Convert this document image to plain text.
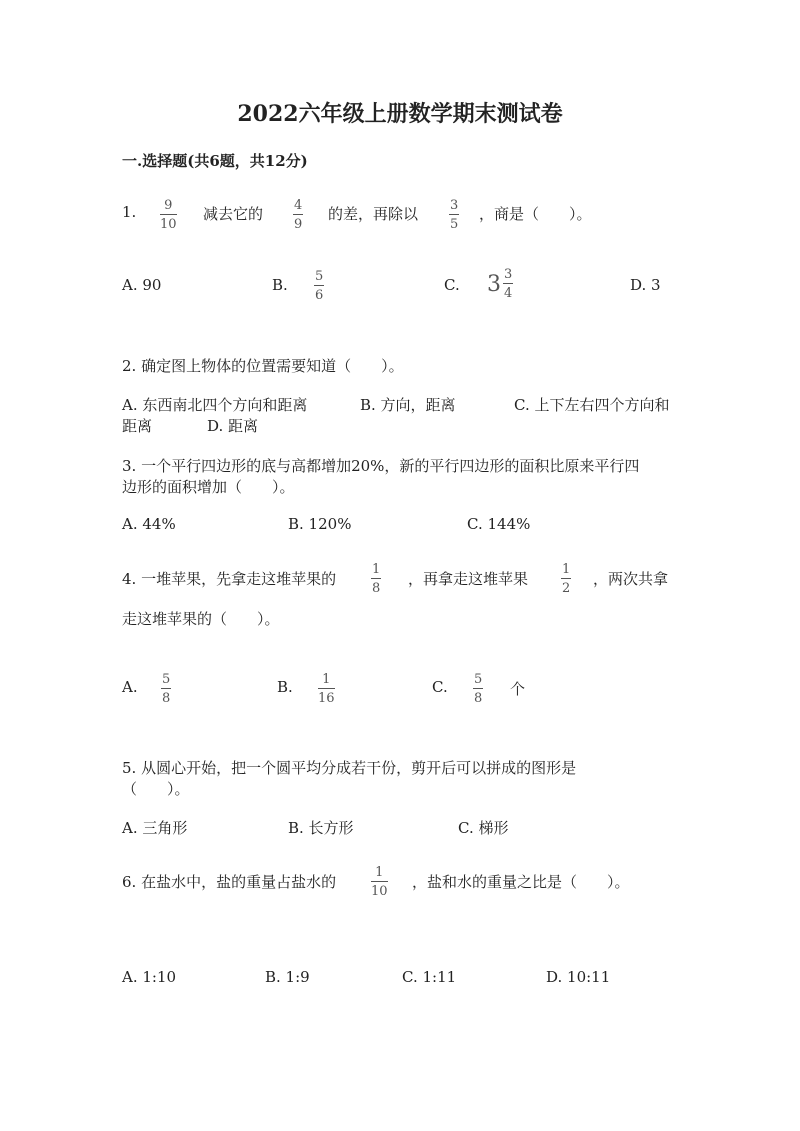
2022六年级上册数学期末测试卷
一.选择题(共6题，共12分)
1. 9
10
减去它的 4
9
的差，再除以 3
5
，商是（　　）。
A. 90	B. 5
6
C. $3 \frac{3}{4}$	D. 3
2. 确定图上物体的位置需要知道（　　）。
A. 东西南北四个方向和距离	B. 方向，距离	C. 上下左右四个方向和
距离	D. 距离
3. 一个平行四边形的底与高都增加20%，新的平行四边形的面积比原来平行四
边形的面积增加（　　）。
A. 44%	B. 120%	C. 144%
4. 一堆苹果，先拿走这堆苹果的
1
8
，再拿走这堆苹果
1
2
，两次共拿
走这堆苹果的（　　）。
A. 5
8
B. 1
16
C. 5
8
个
5. 从圆心开始，把一个圆平均分成若干份，剪开后可以拼成的图形是
（　　）。
A. 三角形	B. 长方形	C. 梯形
6. 在盐水中，盐的重量占盐水的
1
10
，盐和水的重量之比是（　　）。
A. 1:10	B. 1:9	C. 1:11	D. 10:11
